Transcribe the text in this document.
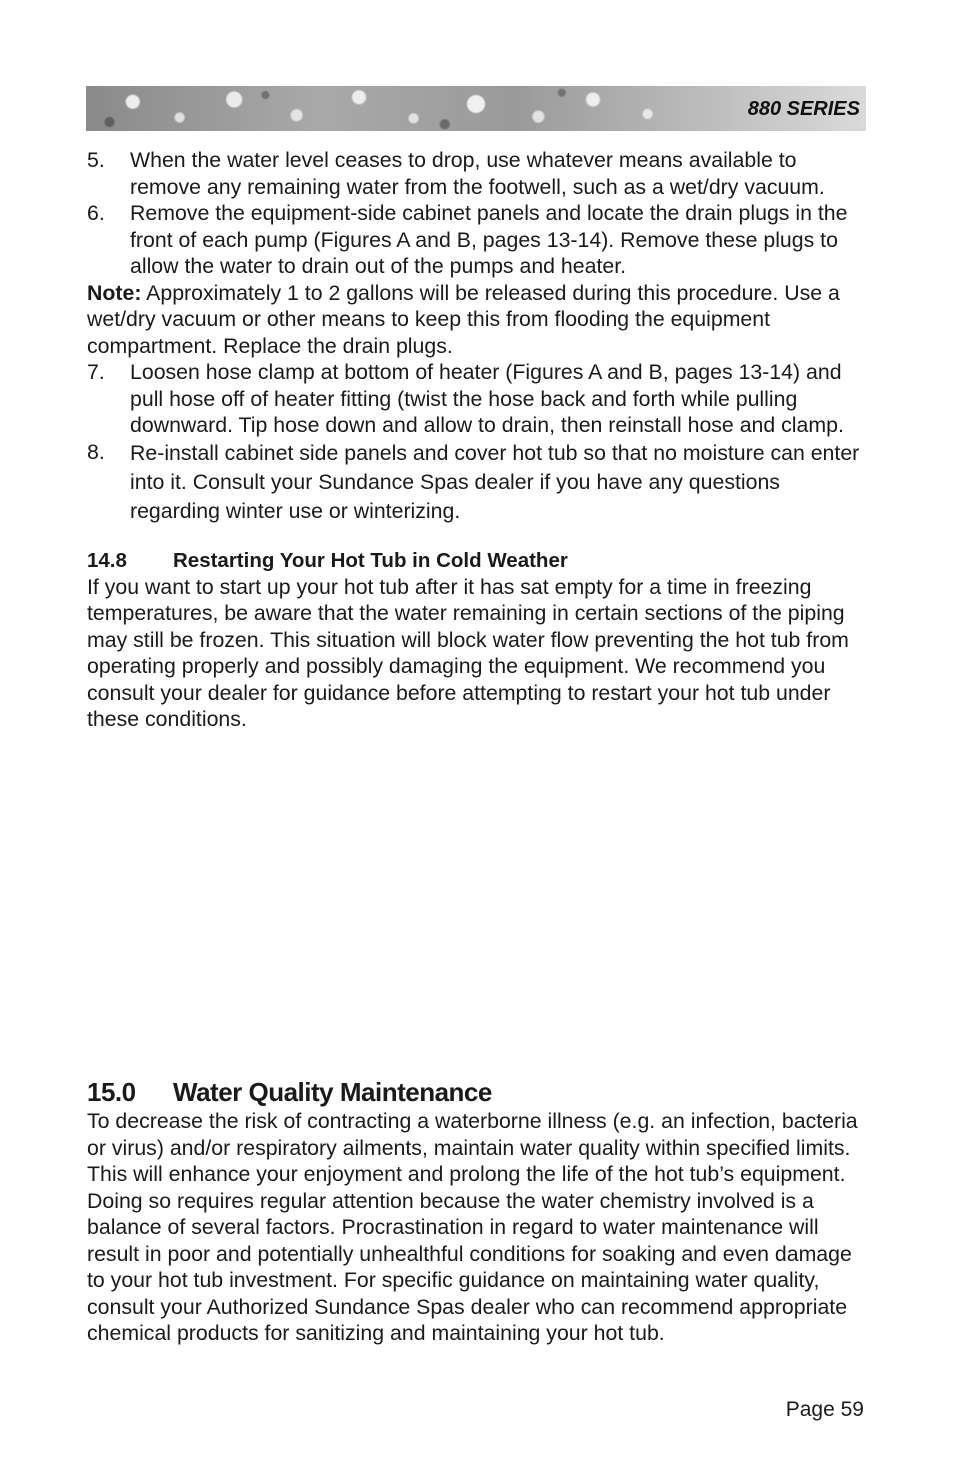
880 SERIES
5.	When the water level ceases to drop, use whatever means available to remove any remaining water from the footwell, such as a wet/dry vacuum.
6.	Remove the equipment-side cabinet panels and locate the drain plugs in the front of each pump (Figures A and B, pages 13-14). Remove these plugs to allow the water to drain out of the pumps and heater.

Note: Approximately 1 to 2 gallons will be released during this procedure. Use a wet/dry vacuum or other means to keep this from flooding the equipment compartment. Replace the drain plugs.

7.	Loosen hose clamp at bottom of heater (Figures A and B, pages 13-14) and pull hose off of heater fitting (twist the hose back and forth while pulling downward. Tip hose down and allow to drain, then reinstall hose and clamp.
8.	Re-install cabinet side panels and cover hot tub so that no moisture can enter into it. Consult your Sundance Spas dealer if you have any questions regarding winter use or winterizing.
14.8	Restarting Your Hot Tub in Cold Weather

If you want to start up your hot tub after it has sat empty for a time in freezing temperatures, be aware that the water remaining in certain sections of the piping may still be frozen. This situation will block water flow preventing the hot tub from operating properly and possibly damaging the equipment. We recommend you consult your dealer for guidance before attempting to restart your hot tub under these conditions.

15.0	Water Quality Maintenance

To decrease the risk of contracting a waterborne illness (e.g. an infection, bacteria or virus) and/or respiratory ailments, maintain water quality within specified limits. This will enhance your enjoyment and prolong the life of the hot tub’s equipment. Doing so requires regular attention because the water chemistry involved is a balance of several factors. Procrastination in regard to water maintenance will result in poor and potentially unhealthful conditions for soaking and even damage to your hot tub investment. For specific guidance on maintaining water quality, consult your Authorized Sundance Spas dealer who can recommend appropriate chemical products for sanitizing and maintaining your hot tub.

Page 59
